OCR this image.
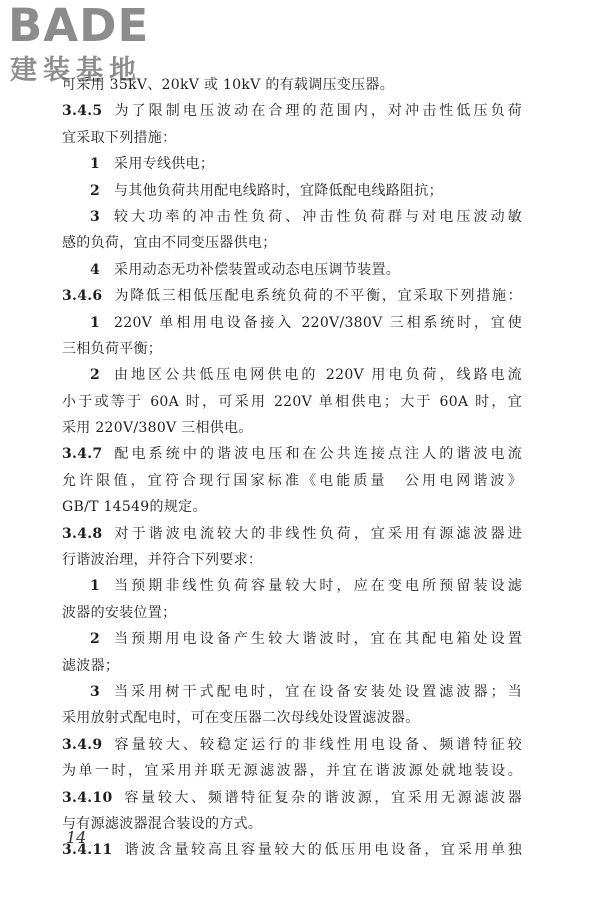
BADE
建装基地
可采用 35kV、20kV 或 10kV 的有载调压变压器。
3.4.5 为了限制电压波动在合理的范围内，对冲击性低压负荷
宜采取下列措施：
1 采用专线供电；
2 与其他负荷共用配电线路时，宜降低配电线路阻抗；
3 较大功率的冲击性负荷、冲击性负荷群与对电压波动敏
感的负荷，宜由不同变压器供电；
4 采用动态无功补偿装置或动态电压调节装置。
3.4.6 为降低三相低压配电系统负荷的不平衡，宜采取下列措施：
1 220V 单相用电设备接入 220V/380V 三相系统时，宜使
三相负荷平衡；
2 由地区公共低压电网供电的 220V 用电负荷，线路电流
小于或等于 60A 时，可采用 220V 单相供电；大于 60A 时，宜
采用 220V/380V 三相供电。
3.4.7 配电系统中的谐波电压和在公共连接点注人的谐波电流
允许限值，宜符合现行国家标准《电能质量　公用电网谐波》
GB/T 14549的规定。
3.4.8 对于谐波电流较大的非线性负荷，宜采用有源滤波器进
行谐波治理，并符合下列要求：
1 当预期非线性负荷容量较大时，应在变电所预留装设滤
波器的安装位置；
2 当预期用电设备产生较大谐波时，宜在其配电箱处设置
滤波器；
3 当采用树干式配电时，宜在设备安装处设置滤波器；当
采用放射式配电时，可在变压器二次母线处设置滤波器。
3.4.9 容量较大、较稳定运行的非线性用电设备、频谱特征较
为单一时，宜采用并联无源滤波器，并宜在谐波源处就地装设。
3.4.10 容量较大、频谱特征复杂的谐波源，宜采用无源滤波器
与有源滤波器混合装设的方式。
3.4.11 谐波含量较高且容量较大的低压用电设备，宜采用单独
14
